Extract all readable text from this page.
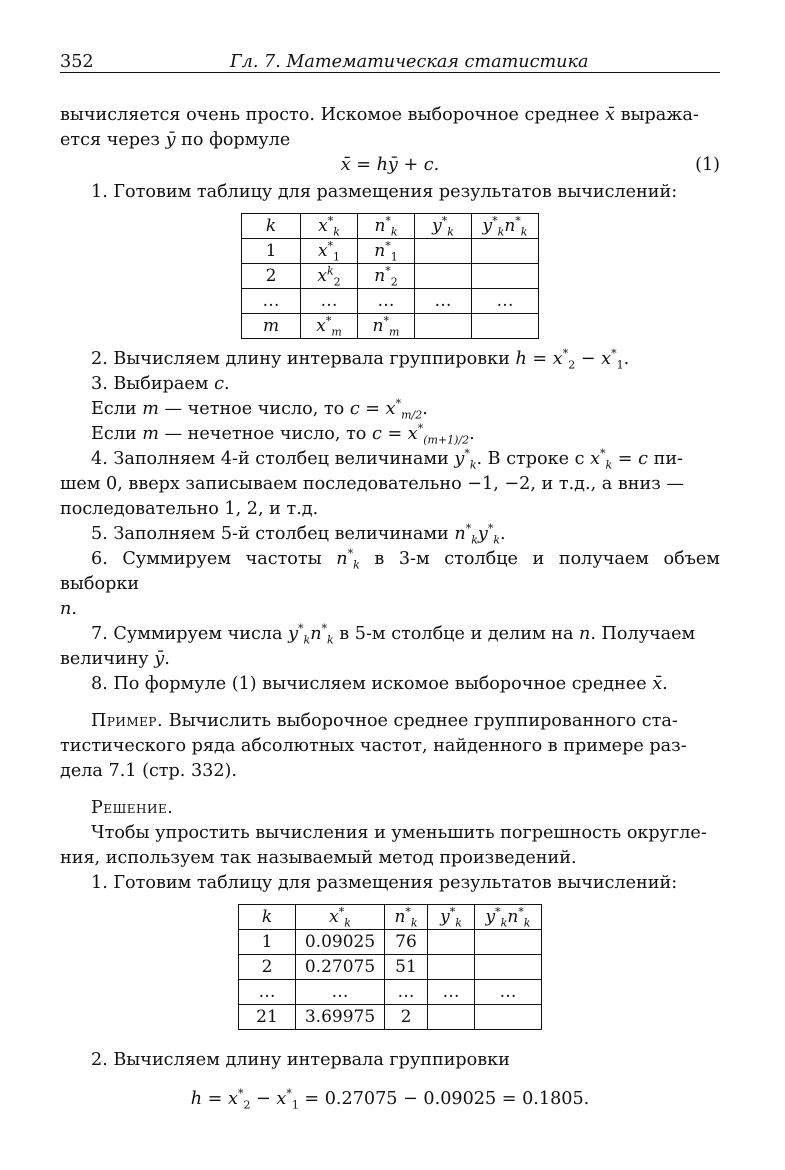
352	Гл. 7. Математическая статистика

вычисляется очень просто. Искомое выборочное среднее x̄ выража-

ется через ȳ по формуле

x̄ = hȳ + c.	(1)

1. Готовим таблицу для размещения результатов вычислений:

k	$x^*_k$	$n^*_k$	$y^*_k$	$y^*_kn^*_k$
1	$x^*_1$	$n^*_1$		
2	$x^k_2$	$n^*_2$		
…	…	…	…	…
m	$x^*_m$	$n^*_m$		

2. Вычисляем длину интервала группировки $h = x^*_2 - x^*_1$.

3. Выбираем c.

Если m — четное число, то $c = x^*_{m/2}$.

Если m — нечетное число, то $c = x^*_{(m+1)/2}$.

4. Заполняем 4-й столбец величинами $y^*_k$. В строке с $x^*_k = c$ пи-

шем 0, вверх записываем последовательно −1, −2, и т.д., а вниз —

последовательно 1, 2, и т.д.

5. Заполняем 5-й столбец величинами $n^*_ky^*_k$.

6. Суммируем частоты $n^*_k$ в 3-м столбце и получаем объем выборки

n.

7. Суммируем числа $y^*_kn^*_k$ в 5-м столбце и делим на n. Получаем

величину ȳ.

8. По формуле (1) вычисляем искомое выборочное среднее x̄.

Пример. Вычислить выборочное среднее группированного ста-

тистического ряда абсолютных частот, найденного в примере раз-

дела 7.1 (стр. 332).

Решение.

Чтобы упростить вычисления и уменьшить погрешность округле-

ния, используем так называемый метод произведений.

1. Готовим таблицу для размещения результатов вычислений:

k	$x^*_k$	$n^*_k$	$y^*_k$	$y^*_kn^*_k$
1	0.09025	76		
2	0.27075	51		
…	…	…	…	…
21	3.69975	2		

2. Вычисляем длину интервала группировки

$h = x^*_2 - x^*_1 = 0.27075 - 0.09025 = 0.1805$.
